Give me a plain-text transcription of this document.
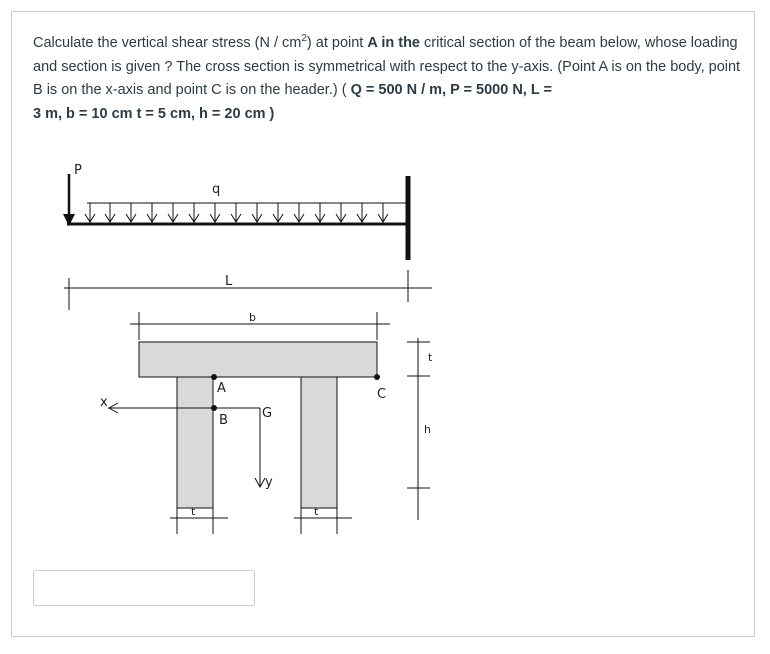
Calculate the vertical shear stress $(N / cm^2)$ at point A in the critical section of the beam below, whose loading and section is given ? The cross section is symmetrical with respect to the y-axis. (Point A is on the body, point B is on the x-axis and point C is on the header.) ( Q = 500 N / m, P = 5000 N, L =
3 m, b = 10 cm t = 5 cm, h = 20 cm )

P
q
L
b
t
h
t	t
A
B
C
G
x
y
